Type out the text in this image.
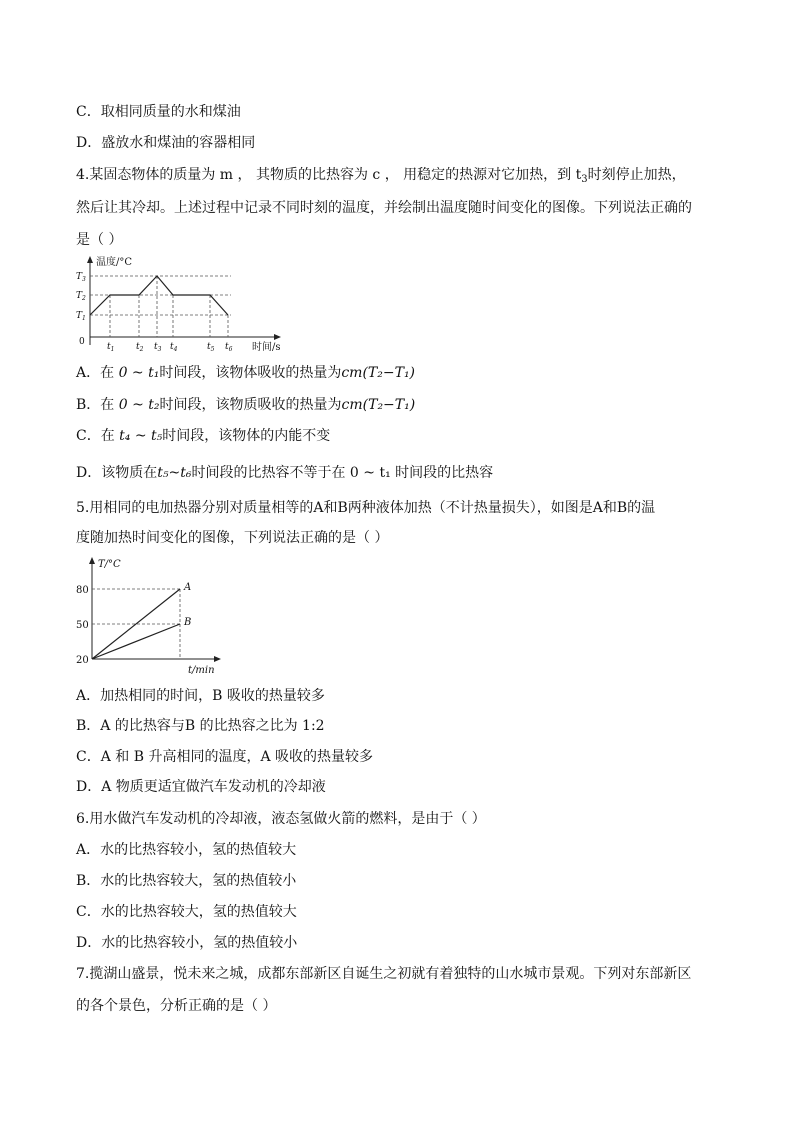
C．取相同质量的水和煤油
D．盛放水和煤油的容器相同
4.某固态物体的质量为 m ， 其物质的比热容为 c ， 用稳定的热源对它加热，到 $t_3$时刻停止加热，
然后让其冷却。上述过程中记录不同时刻的温度，并绘制出温度随时间变化的图像。下列说法正确的
是（ ）
温度/°C
$T_3$
$T_2$
$T_1$
0 $t_1$ $t_2$ $t_3$ $t_4$	$t_5$ $t_6$ 时间/s
A．在 0 ~ t₁时间段，该物体吸收的热量为cm(T₂−T₁)
B．在 0 ~ t₂时间段，该物质吸收的热量为cm(T₂−T₁)
C．在 t₄ ~ t₅时间段，该物体的内能不变
D．该物质在t₅~t₆时间段的比热容不等于在 0 ~ t₁ 时间段的比热容
5.用相同的电加热器分别对质量相等的A和B两种液体加热（不计热量损失），如图是A和B的温
度随加热时间变化的图像，下列说法正确的是（ ）
T/°C
t/min
20
50
80	A
B
A．加热相同的时间，B 吸收的热量较多
B．A 的比热容与B 的比热容之比为 1:2
C．A 和 B 升高相同的温度，A 吸收的热量较多
D．A 物质更适宜做汽车发动机的冷却液
6.用水做汽车发动机的冷却液，液态氢做火箭的燃料，是由于（ ）
A．水的比热容较小，氢的热值较大
B．水的比热容较大，氢的热值较小
C．水的比热容较大，氢的热值较大
D．水的比热容较小，氢的热值较小
7.揽湖山盛景，悦未来之城，成都东部新区自诞生之初就有着独特的山水城市景观。下列对东部新区
的各个景色，分析正确的是（ ）
